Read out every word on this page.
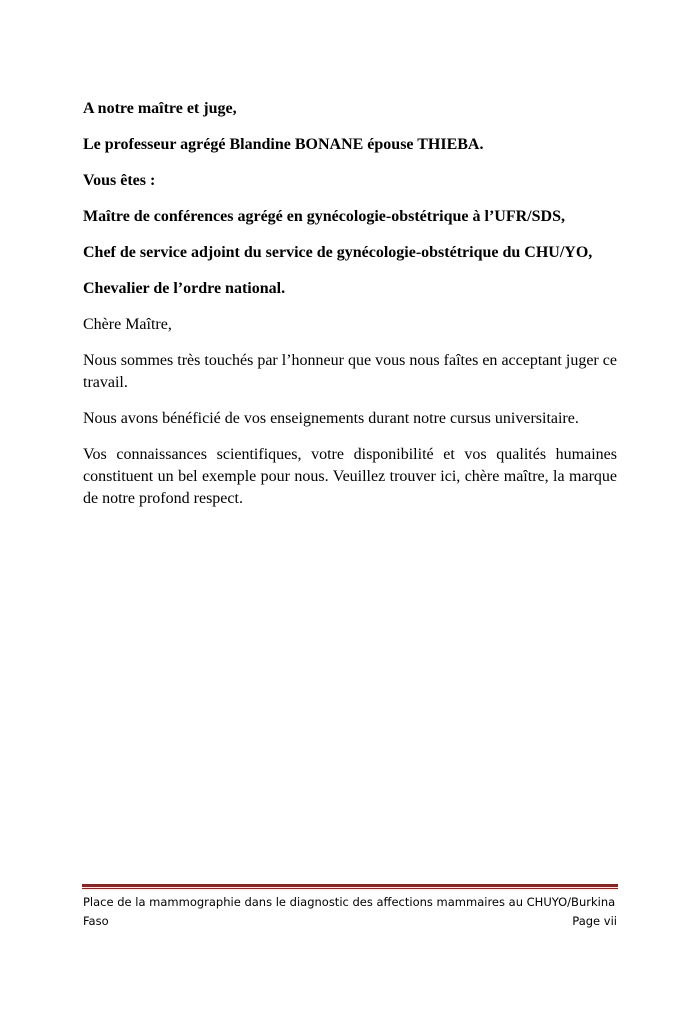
A notre maître et juge,

Le professeur agrégé Blandine BONANE épouse THIEBA.

Vous êtes :

Maître de conférences agrégé en gynécologie-obstétrique à l’UFR/SDS,

Chef de service adjoint du service de gynécologie-obstétrique du CHU/YO,

Chevalier de l’ordre national.

Chère Maître,

Nous sommes très touchés par l’honneur que vous nous faîtes en acceptant juger ce travail.

Nous avons bénéficié de vos enseignements durant notre cursus universitaire.

Vos connaissances scientifiques, votre disponibilité et vos qualités humaines constituent un bel exemple pour nous. Veuillez trouver ici, chère maître, la marque de notre profond respect.

Place de la mammographie dans le diagnostic des affections mammaires au CHUYO/Burkina
Faso	Page vii
